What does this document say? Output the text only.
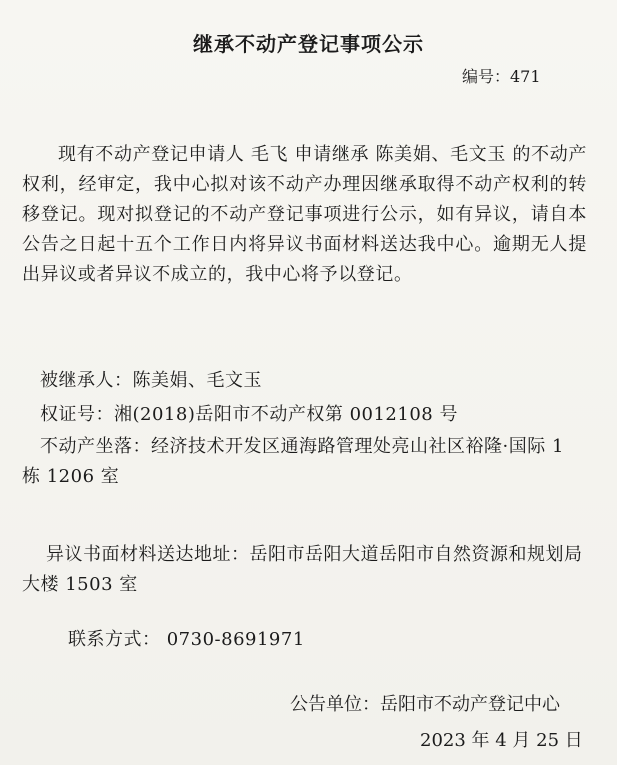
继承不动产登记事项公示
编号：471
现有不动产登记申请人 毛飞 申请继承 陈美娟、毛文玉 的不动产权利，经审定，我中心拟对该不动产办理因继承取得不动产权利的转移登记。现对拟登记的不动产登记事项进行公示，如有异议，请自本公告之日起十五个工作日内将异议书面材料送达我中心。逾期无人提出异议或者异议不成立的，我中心将予以登记。
被继承人：陈美娟、毛文玉
权证号：湘(2018)岳阳市不动产权第 0012108 号
不动产坐落：经济技术开发区通海路管理处亮山社区裕隆·国际 1 栋 1206 室
异议书面材料送达地址：岳阳市岳阳大道岳阳市自然资源和规划局大楼 1503 室
联系方式： 0730-8691971
公告单位：岳阳市不动产登记中心
2023 年 4 月 25 日
